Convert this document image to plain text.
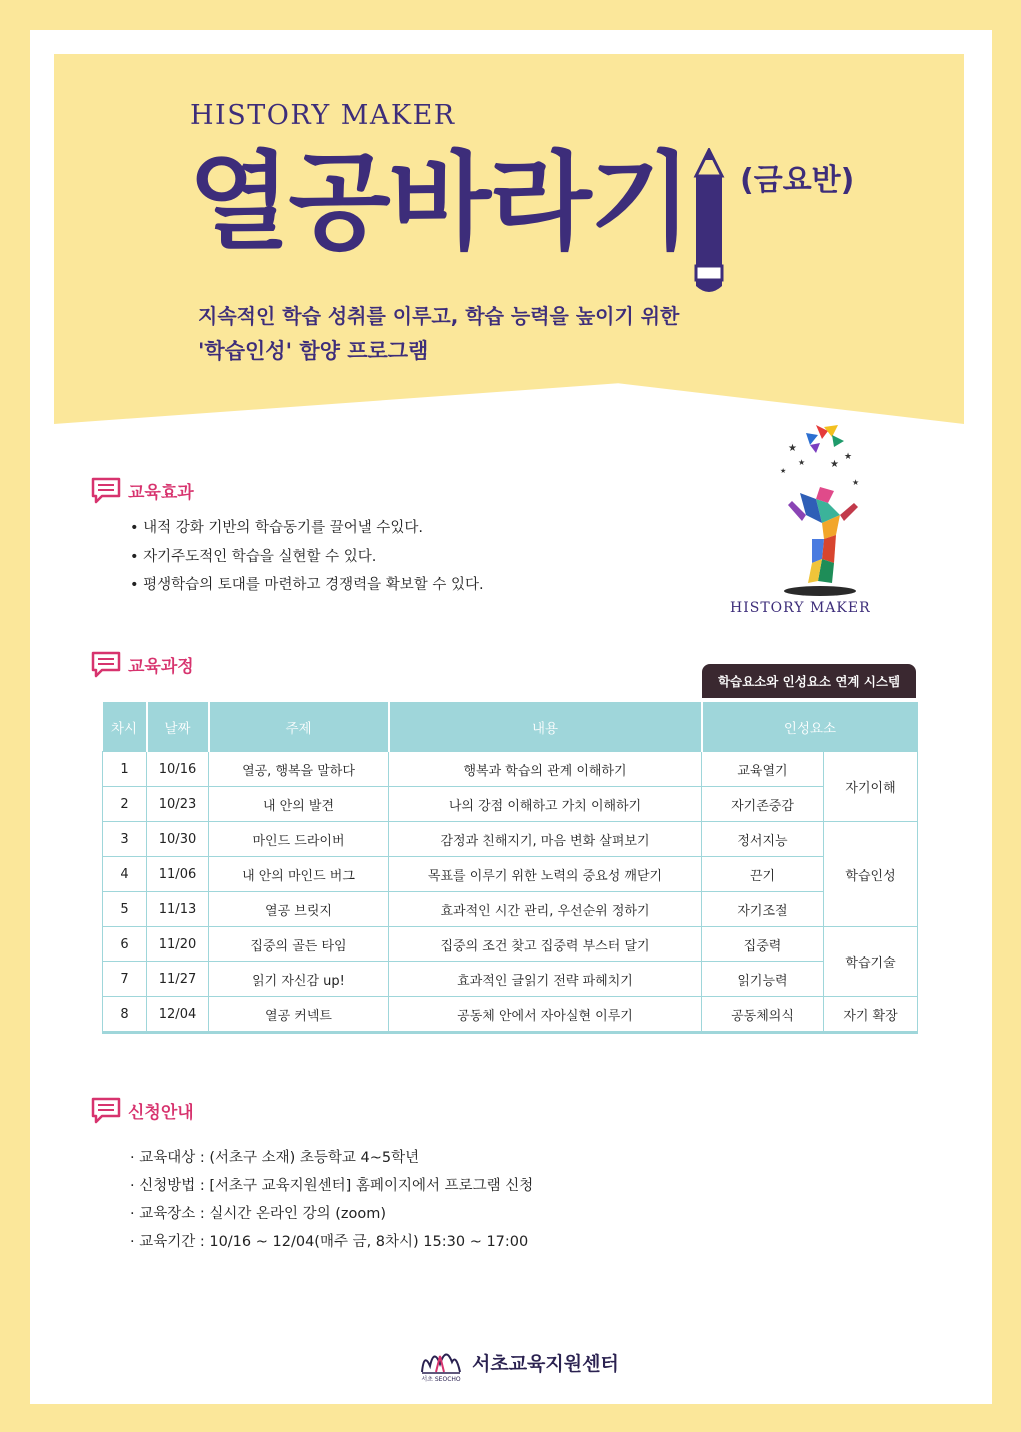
HISTORY MAKER
열공바라기 (금요반)
지속적인 학습 성취를 이루고, 학습 능력을 높이기 위한
'학습인성' 함양 프로그램
교육효과
• 내적 강화 기반의 학습동기를 끌어낼 수있다.
• 자기주도적인 학습을 실현할 수 있다.
• 평생학습의 토대를 마련하고 경쟁력을 확보할 수 있다.
★
★
★ ★
★
★
HISTORY MAKER
교육과정
학습요소와 인성요소 연계 시스템
차시	날짜	주제	내용	인성요소	
1	10/16	열공, 행복을 말하다	행복과 학습의 관계 이해하기	교육열기	자기이해
2	10/23	내 안의 발견	나의 강점 이해하고 가치 이해하기	자기존중감	
3	10/30	마인드 드라이버	감정과 친해지기, 마음 변화 살펴보기	정서지능	학습인성
4	11/06	내 안의 마인드 버그	목표를 이루기 위한 노력의 중요성 깨닫기	끈기	
5	11/13	열공 브릿지	효과적인 시간 관리, 우선순위 정하기	자기조절	
6	11/20	집중의 골든 타임	집중의 조건 찾고 집중력 부스터 달기	집중력	학습기술
7	11/27	읽기 자신감 up!	효과적인 글읽기 전략 파헤치기	읽기능력	
8	12/04	열공 커넥트	공동체 안에서 자아실현 이루기	공동체의식	자기 확장
신청안내
· 교육대상 : (서초구 소재) 초등학교 4~5학년
· 신청방법 : [서초구 교육지원센터] 홈페이지에서 프로그램 신청
· 교육장소 : 실시간 온라인 강의 (zoom)
· 교육기간 : 10/16 ~ 12/04(매주 금, 8차시) 15:30 ~ 17:00
서초 SEOCHO
서초교육지원센터
